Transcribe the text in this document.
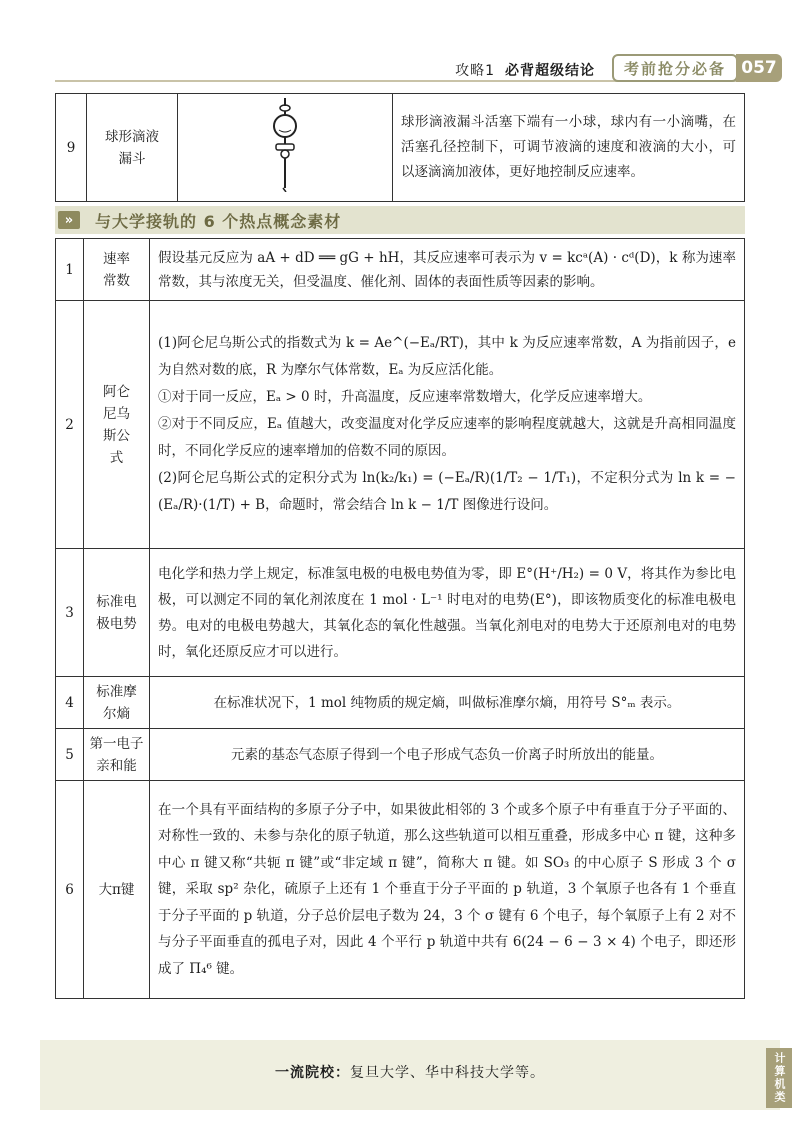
攻略1 必背超级结论	考前抢分必备 057
9	球形滴液漏斗		球形滴液漏斗活塞下端有一小球，球内有一小滴嘴，在活塞孔径控制下，可调节液滴的速度和液滴的大小，可以逐滴滴加液体，更好地控制反应速率。
»	与大学接轨的 6 个热点概念素材
1	速率常数	假设基元反应为 aA + dD ══ gG + hH，其反应速率可表示为 v = kcᵃ(A) · cᵈ(D)，k 称为速率常数，其与浓度无关，但受温度、催化剂、固体的表面性质等因素的影响。

2	阿仑尼乌斯公式	(1)阿仑尼乌斯公式的指数式为 k = Ae^(−Eₐ/RT)，其中 k 为反应速率常数，A 为指前因子，e 为自然对数的底，R 为摩尔气体常数，Eₐ 为反应活化能。

①对于同一反应，Eₐ > 0 时，升高温度，反应速率常数增大，化学反应速率增大。

②对于不同反应，Eₐ 值越大，改变温度对化学反应速率的影响程度就越大，这就是升高相同温度时，不同化学反应的速率增加的倍数不同的原因。

(2)阿仑尼乌斯公式的定积分式为 ln(k₂/k₁) = (−Eₐ/R)(1/T₂ − 1/T₁)，不定积分式为 ln k = −(Eₐ/R)·(1/T) + B，命题时，常会结合 ln k − 1/T 图像进行设问。

3	标准电极电势	电化学和热力学上规定，标准氢电极的电极电势值为零，即 E°(H⁺/H₂) = 0 V，将其作为参比电极，可以测定不同的氧化剂浓度在 1 mol · L⁻¹ 时电对的电势(E°)，即该物质变化的标准电极电势。电对的电极电势越大，其氧化态的氧化性越强。当氧化剂电对的电势大于还原剂电对的电势时，氧化还原反应才可以进行。

4	标准摩尔熵	在标准状况下，1 mol 纯物质的规定熵，叫做标准摩尔熵，用符号 S°ₘ 表示。

5	第一电子亲和能	元素的基态气态原子得到一个电子形成气态负一价离子时所放出的能量。

6	大π键	在一个具有平面结构的多原子分子中，如果彼此相邻的 3 个或多个原子中有垂直于分子平面的、对称性一致的、未参与杂化的原子轨道，那么这些轨道可以相互重叠，形成多中心 π 键，这种多中心 π 键又称“共轭 π 键”或“非定域 π 键”，简称大 π 键。如 SO₃ 的中心原子 S 形成 3 个 σ 键，采取 sp² 杂化，硫原子上还有 1 个垂直于分子平面的 p 轨道，3 个氧原子也各有 1 个垂直于分子平面的 p 轨道，分子总价层电子数为 24，3 个 σ 键有 6 个电子，每个氧原子上有 2 对不与分子平面垂直的孤电子对，因此 4 个平行 p 轨道中共有 6(24 − 6 − 3 × 4) 个电子，即还形成了 Π₄⁶ 键。

一流院校：复旦大学、华中科技大学等。	计算机类
